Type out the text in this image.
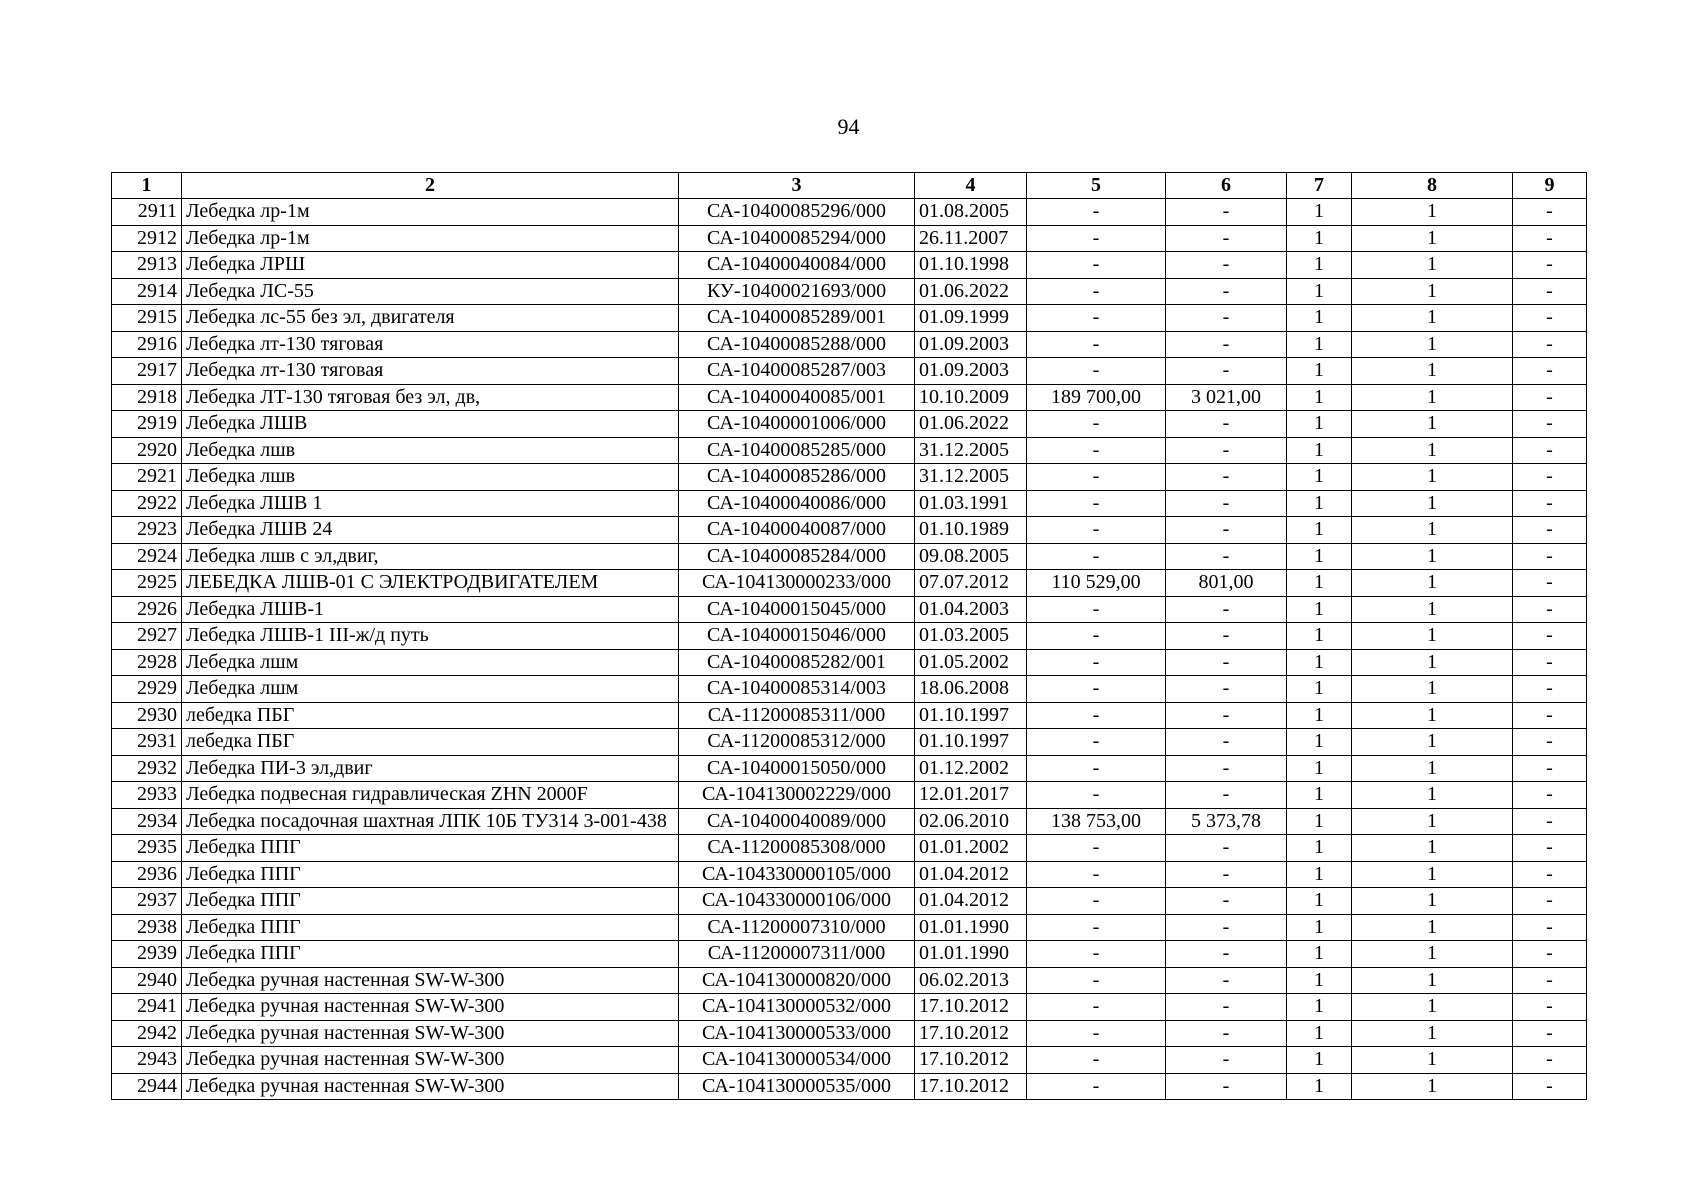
94
1	2	3	4	5	6	7	8	9
2911	Лебедка лр-1м	СА-10400085296/000	01.08.2005	-	-	1	1	-
2912	Лебедка лр-1м	СА-10400085294/000	26.11.2007	-	-	1	1	-
2913	Лебедка ЛРШ	СА-10400040084/000	01.10.1998	-	-	1	1	-
2914	Лебедка ЛС-55	КУ-10400021693/000	01.06.2022	-	-	1	1	-
2915	Лебедка лс-55 без эл, двигателя	СА-10400085289/001	01.09.1999	-	-	1	1	-
2916	Лебедка лт-130 тяговая	СА-10400085288/000	01.09.2003	-	-	1	1	-
2917	Лебедка лт-130 тяговая	СА-10400085287/003	01.09.2003	-	-	1	1	-
2918	Лебедка ЛТ-130 тяговая без эл, дв,	СА-10400040085/001	10.10.2009	189 700,00	3 021,00	1	1	-
2919	Лебедка ЛШВ	СА-10400001006/000	01.06.2022	-	-	1	1	-
2920	Лебедка лшв	СА-10400085285/000	31.12.2005	-	-	1	1	-
2921	Лебедка лшв	СА-10400085286/000	31.12.2005	-	-	1	1	-
2922	Лебедка ЛШВ 1	СА-10400040086/000	01.03.1991	-	-	1	1	-
2923	Лебедка ЛШВ 24	СА-10400040087/000	01.10.1989	-	-	1	1	-
2924	Лебедка лшв с эл,двиг,	СА-10400085284/000	09.08.2005	-	-	1	1	-
2925	ЛЕБЕДКА ЛШВ-01 С ЭЛЕКТРОДВИГАТЕЛЕМ	СА-104130000233/000	07.07.2012	110 529,00	801,00	1	1	-
2926	Лебедка ЛШВ-1	СА-10400015045/000	01.04.2003	-	-	1	1	-
2927	Лебедка ЛШВ-1 III-ж/д путь	СА-10400015046/000	01.03.2005	-	-	1	1	-
2928	Лебедка лшм	СА-10400085282/001	01.05.2002	-	-	1	1	-
2929	Лебедка лшм	СА-10400085314/003	18.06.2008	-	-	1	1	-
2930	лебедка ПБГ	СА-11200085311/000	01.10.1997	-	-	1	1	-
2931	лебедка ПБГ	СА-11200085312/000	01.10.1997	-	-	1	1	-
2932	Лебедка ПИ-3 эл,двиг	СА-10400015050/000	01.12.2002	-	-	1	1	-
2933	Лебедка подвесная гидравлическая ZHN 2000F	СА-104130002229/000	12.01.2017	-	-	1	1	-
2934	Лебедка посадочная шахтная ЛПК 10Б ТУ314 3-001-438	СА-10400040089/000	02.06.2010	138 753,00	5 373,78	1	1	-
2935	Лебедка ППГ	СА-11200085308/000	01.01.2002	-	-	1	1	-
2936	Лебедка ППГ	СА-104330000105/000	01.04.2012	-	-	1	1	-
2937	Лебедка ППГ	СА-104330000106/000	01.04.2012	-	-	1	1	-
2938	Лебедка ППГ	СА-11200007310/000	01.01.1990	-	-	1	1	-
2939	Лебедка ППГ	СА-11200007311/000	01.01.1990	-	-	1	1	-
2940	Лебедка ручная настенная SW-W-300	СА-104130000820/000	06.02.2013	-	-	1	1	-
2941	Лебедка ручная настенная SW-W-300	СА-104130000532/000	17.10.2012	-	-	1	1	-
2942	Лебедка ручная настенная SW-W-300	СА-104130000533/000	17.10.2012	-	-	1	1	-
2943	Лебедка ручная настенная SW-W-300	СА-104130000534/000	17.10.2012	-	-	1	1	-
2944	Лебедка ручная настенная SW-W-300	СА-104130000535/000	17.10.2012	-	-	1	1	-
